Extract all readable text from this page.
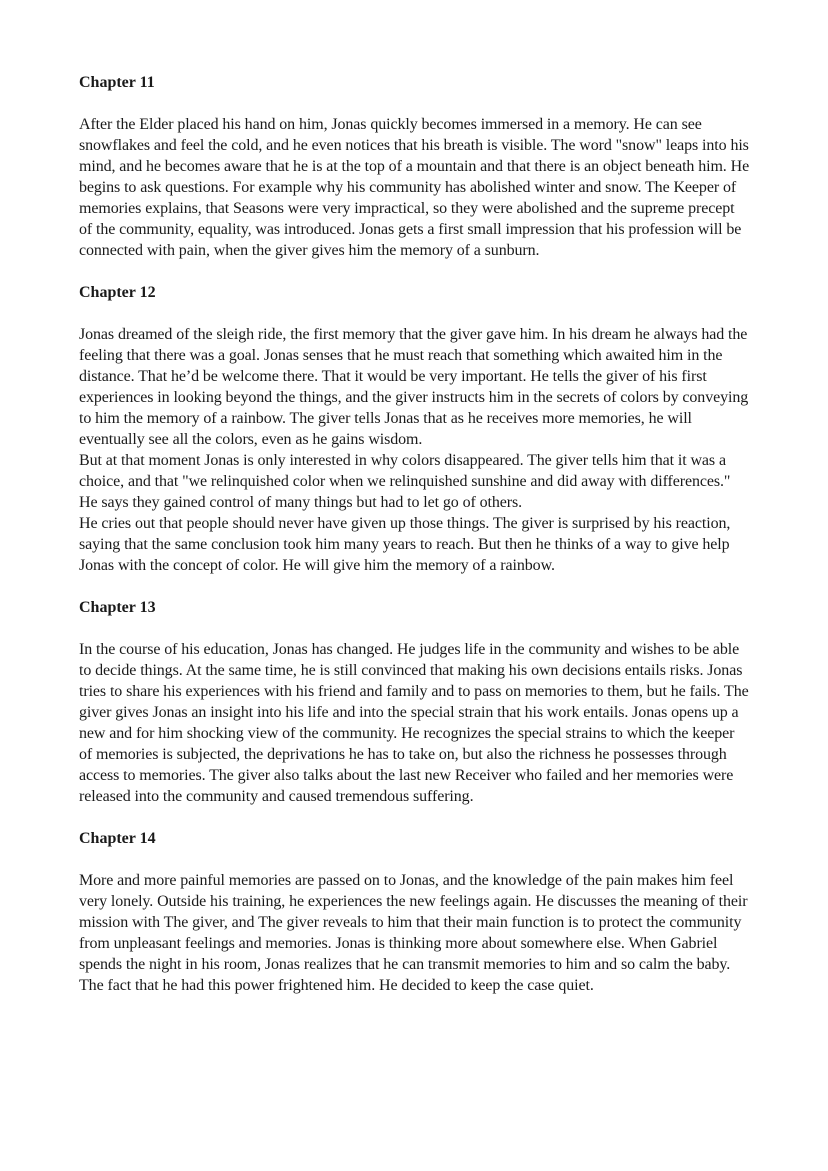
Chapter 11

After the Elder placed his hand on him, Jonas quickly becomes immersed in a memory. He can see snowflakes and feel the cold, and he even notices that his breath is visible. The word "snow" leaps into his mind, and he becomes aware that he is at the top of a mountain and that there is an object beneath him. He begins to ask questions. For example why his community has abolished winter and snow. The Keeper of memories explains, that Seasons were very impractical, so they were abolished and the supreme precept of the community, equality, was introduced. Jonas gets a first small impression that his profession will be connected with pain, when the giver gives him the memory of a sunburn.

Chapter 12

Jonas dreamed of the sleigh ride, the first memory that the giver gave him. In his dream he always had the feeling that there was a goal. Jonas senses that he must reach that something which awaited him in the distance. That he’d be welcome there. That it would be very important. He tells the giver of his first experiences in looking beyond the things, and the giver instructs him in the secrets of colors by conveying to him the memory of a rainbow. The giver tells Jonas that as he receives more memories, he will eventually see all the colors, even as he gains wisdom.

But at that moment Jonas is only interested in why colors disappeared. The giver tells him that it was a choice, and that "we relinquished color when we relinquished sunshine and did away with differences." He says they gained control of many things but had to let go of others.

He cries out that people should never have given up those things. The giver is surprised by his reaction, saying that the same conclusion took him many years to reach. But then he thinks of a way to give help Jonas with the concept of color. He will give him the memory of a rainbow.

Chapter 13

In the course of his education, Jonas has changed. He judges life in the community and wishes to be able to decide things. At the same time, he is still convinced that making his own decisions entails risks. Jonas tries to share his experiences with his friend and family and to pass on memories to them, but he fails. The giver gives Jonas an insight into his life and into the special strain that his work entails. Jonas opens up a new and for him shocking view of the community. He recognizes the special strains to which the keeper of memories is subjected, the deprivations he has to take on, but also the richness he possesses through access to memories. The giver also talks about the last new Receiver who failed and her memories were released into the community and caused tremendous suffering.

Chapter 14

More and more painful memories are passed on to Jonas, and the knowledge of the pain makes him feel very lonely. Outside his training, he experiences the new feelings again. He discusses the meaning of their mission with The giver, and The giver reveals to him that their main function is to protect the community from unpleasant feelings and memories. Jonas is thinking more about somewhere else. When Gabriel spends the night in his room, Jonas realizes that he can transmit memories to him and so calm the baby. The fact that he had this power frightened him. He decided to keep the case quiet.
